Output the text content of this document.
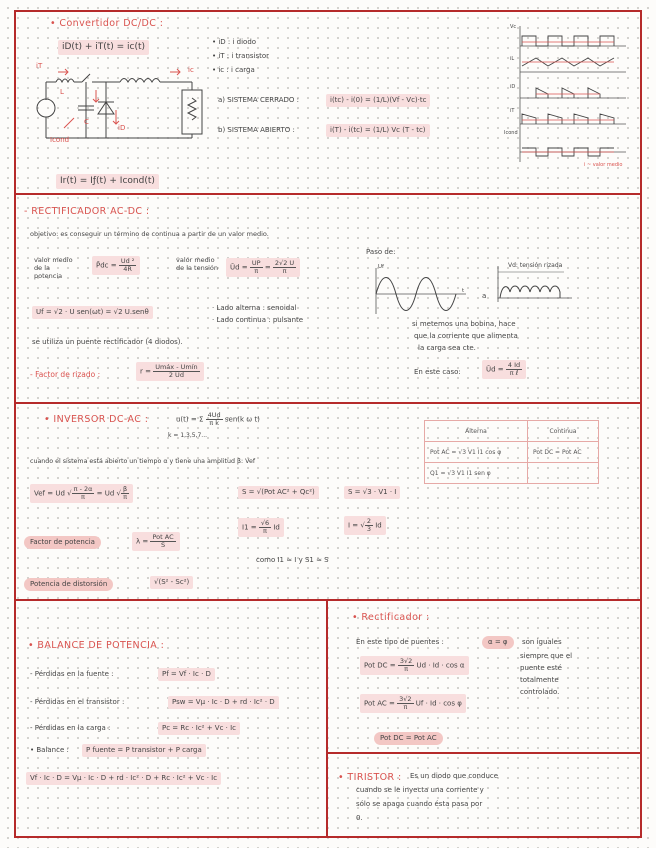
• Convertidor DC/DC :
iD(t) + iT(t) = ic(t)	• iD : i diodo
• iT : i transistor
• ic : i carga
iT
L
ic
C
iD
Icond
a) SISTEMA CERRADO :	i(tc) - i(0) = (1/L)(Vf - Vc)·tc
b) SISTEMA ABIERTO :	i(T) - i(tc) = (1/L) Vc (T - tc)
Ir(t) = Iƒ(t) + Icond(t)
Vc
iL
iD
iT
Icond
i ~ valor medio
- RECTIFICADOR AC-DC :
objetivo: es conseguir un término de continua a partir de un valor medio.
valor medio de la potencia
P̄dc = $\frac{\text{Ud ²}}{4R}$	valor medio de la tensión	Ūd = $\frac{UP}{\pi} = \frac{2√2 U}{\pi}$
Uf = √2 · U sen(ωt) = √2 U.senθ	· Lado alterna : senoidal
· Lado continua : pulsante
se utiliza un puente rectificador (4 diodos).
- Factor de rizado :	$r = \frac{\text{Umáx - Umín}}{2 Ūd}$
Paso de:
Uf
t
a
Vd: tensión rizada
si metemos una bobina, hace
que la corriente que alimenta
la carga sea cte.
En este caso:	Ūd = $\frac{4 Id}{\text{π ℓ}}$
• INVERSOR DC-AC :	u(t) = Σ $\frac{4Ud}{\text{π k}} sen(k$ ω t)
k = 1,3,5,7...
cuando el sistema está abierto un tiempo α y tiene una amplitud β: Vef
Vef = Ud √ $\frac{\pi - 2\alpha}{\pi} = Ud$ √ $\frac{\beta}{\pi}$	S = √(Pot AC² + Qc²)	S = √3 · V1 · I
$I1 = \frac{√6}{\pi}$ Id	I = √ $\frac{2}{3}$ Id
Factor de potencia	$\lambda = \frac{\text{Pot AC}}{S}$
como I1 ≈ I y S1 ≈ S
Potencia de distorsión	√(S² - Sc²)
Alterna	Continua
Pot AC = √3 V1 I1 cos φ	Pot DC = Pot AC
Q1 = √3 V1 I1 sen φ	
• BALANCE DE POTENCIA :
- Pérdidas en la fuente :	Pf = Vf · Ic · D
- Pérdidas en el transistor :	Psw = Vμ · Ic · D + rd · Ic² · D
- Pérdidas en la carga :	Pc = Rc · Ic² + Vc · Ic
• Balance :	P fuente = P transistor + P carga
Vf · Ic · D = Vμ · Ic · D + rd · Ic² · D + Rc · Ic² + Vc · Ic
• Rectificador :
En este tipo de puentes :	α = φ	son iguales
siempre que el
puente esté
totalmente
controlado.
Pot DC = $\frac{3√2}{\pi}$ Ud · Id · cos α
Pot AC = $\frac{3√2}{\pi}$ Uf · Id · cos φ
Pot DC = Pot AC
• TIRISTOR : Es un diodo que conduce
cuando se le inyecta una corriente y
sólo se apaga cuando ésta pasa por
0.
